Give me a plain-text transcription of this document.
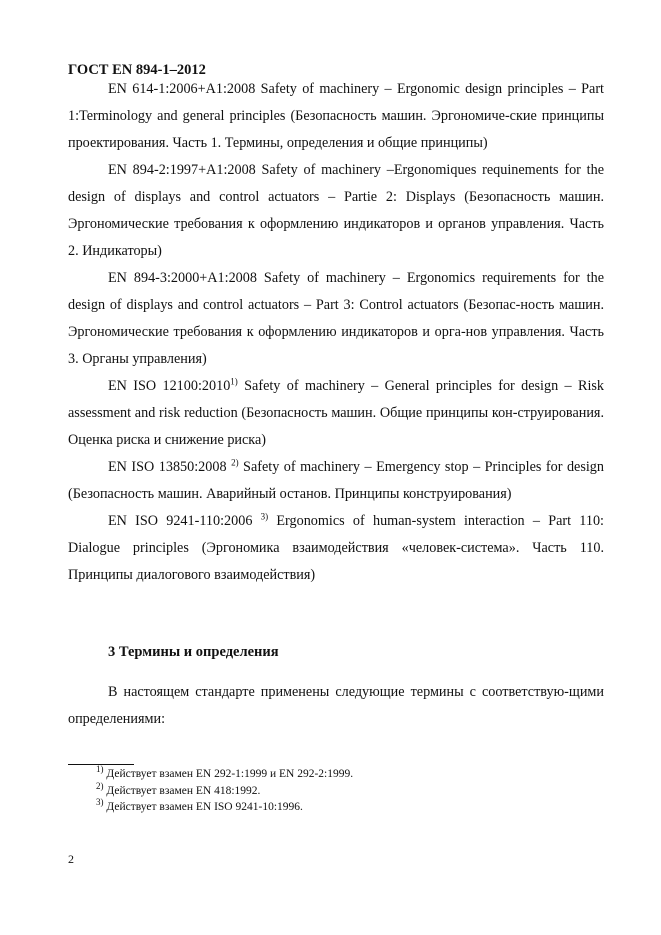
ГОСТ EN 894-1–2012

EN 614-1:2006+A1:2008 Safety of machinery – Ergonomic design principles – Part 1:Terminology and general principles (Безопасность машин. Эргономиче-ские принципы проектирования. Часть 1. Термины, определения и общие принципы)

EN 894-2:1997+A1:2008 Safety of machinery –Ergonomiques requinements for the design of displays and control actuators – Partie 2: Displays (Безопасность машин. Эргономические требования к оформлению индикаторов и органов управления. Часть 2. Индикаторы)

EN 894-3:2000+A1:2008 Safety of machinery – Ergonomics requirements for the design of displays and control actuators – Part 3: Control actuators (Безопас-ность машин. Эргономические требования к оформлению индикаторов и орга-нов управления. Часть 3. Органы управления)

EN ISO 12100:2010$^{1)}$ Safety of machinery – General principles for design – Risk assessment and risk reduction (Безопасность машин. Общие принципы кон-струирования. Оценка риска и снижение риска)

EN ISO 13850:2008 $^{2)}$ Safety of machinery – Emergency stop – Principles for design (Безопасность машин. Аварийный останов. Принципы конструирования)

EN ISO 9241-110:2006 $^{3)}$ Ergonomics of human-system interaction – Part 110: Dialogue principles (Эргономика взаимодействия «человек-система». Часть 110. Принципы диалогового взаимодействия)

3 Термины и определения

В настоящем стандарте применены следующие термины с соответствую-щими определениями:

$^{1)}$ Действует взамен EN 292-1:1999 и EN 292-2:1999.
$^{2)}$ Действует взамен EN 418:1992.
$^{3)}$ Действует взамен EN ISO 9241-10:1996.
2
